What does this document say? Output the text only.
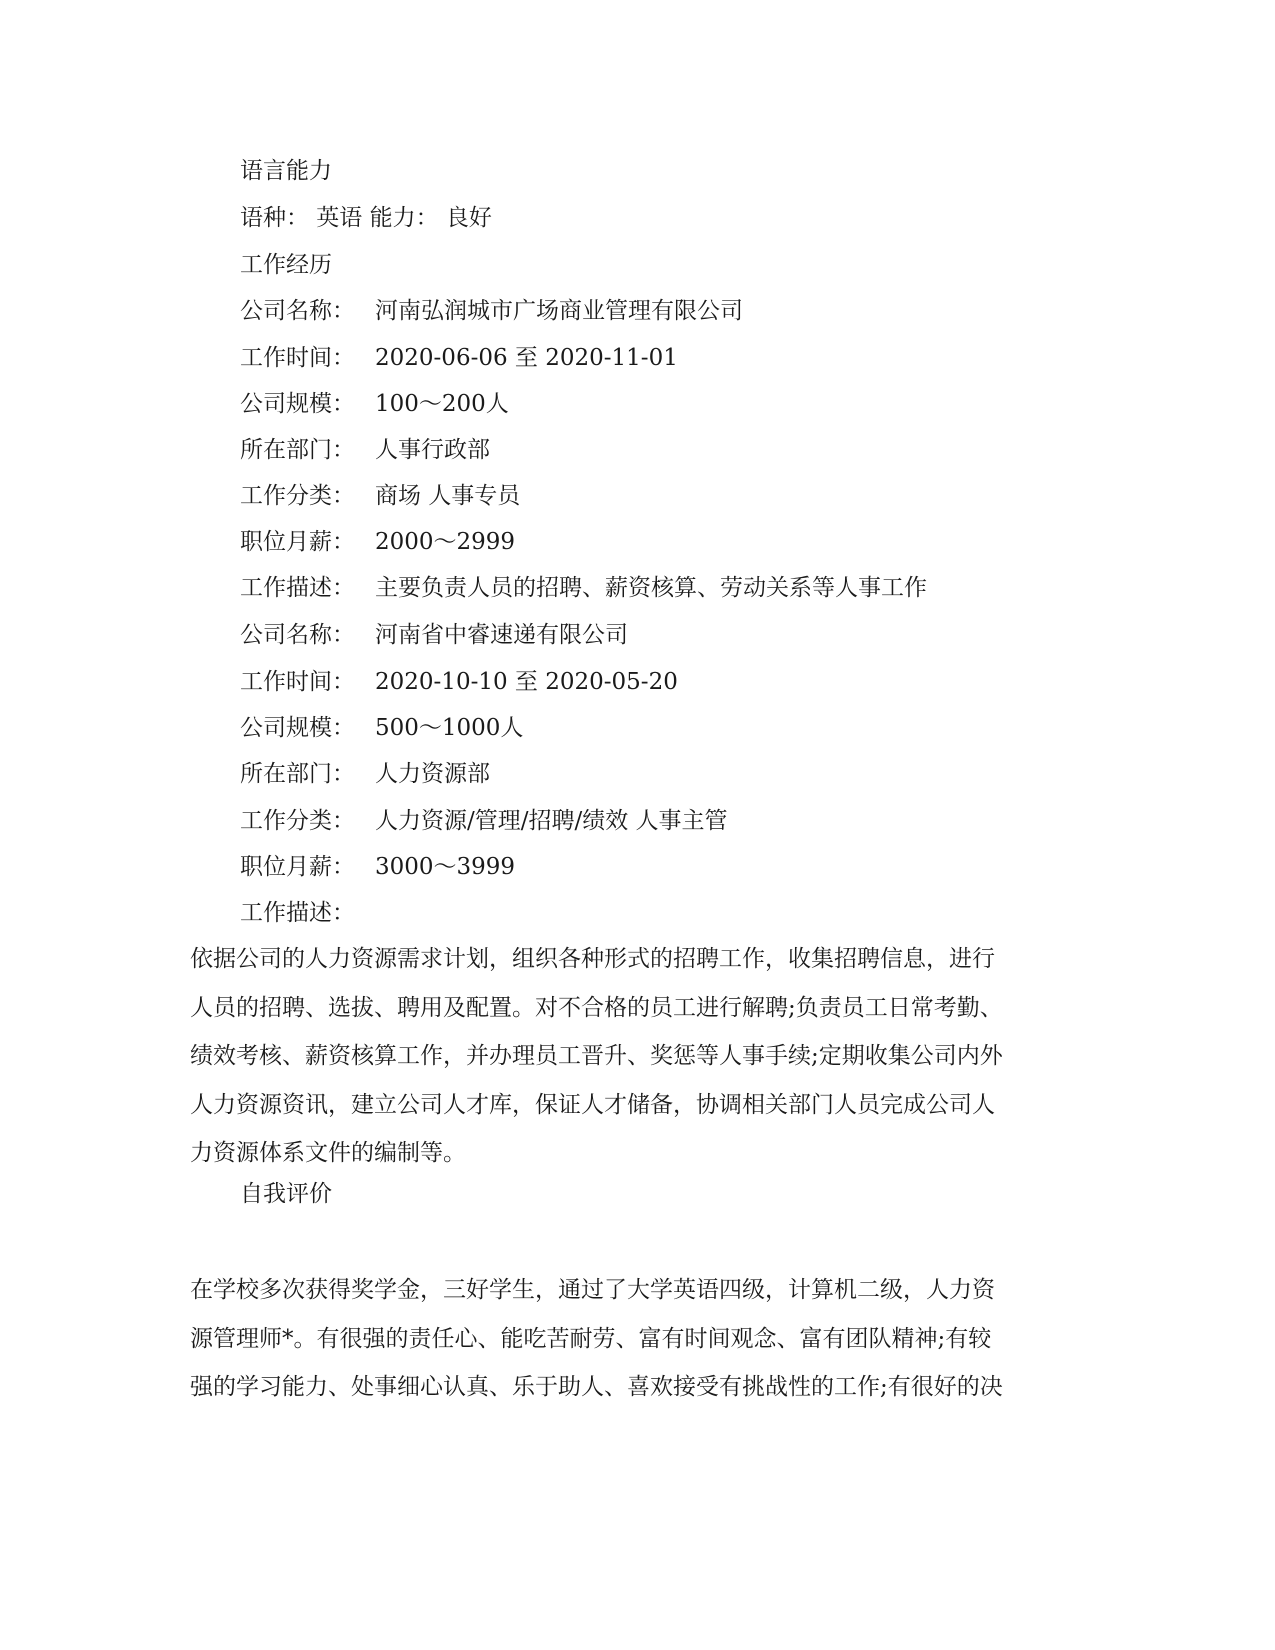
语言能力
语种： 英语 能力： 良好
工作经历
公司名称： 河南弘润城市广场商业管理有限公司
工作时间： 2020-06-06 至 2020-11-01
公司规模： 100～200人
所在部门： 人事行政部
工作分类： 商场 人事专员
职位月薪： 2000～2999
工作描述： 主要负责人员的招聘、薪资核算、劳动关系等人事工作
公司名称： 河南省中睿速递有限公司
工作时间： 2020-10-10 至 2020-05-20
公司规模： 500～1000人
所在部门： 人力资源部
工作分类： 人力资源/管理/招聘/绩效 人事主管
职位月薪： 3000～3999
工作描述：
依据公司的人力资源需求计划，组织各种形式的招聘工作，收集招聘信息，进行
人员的招聘、选拔、聘用及配置。对不合格的员工进行解聘;负责员工日常考勤、
绩效考核、薪资核算工作，并办理员工晋升、奖惩等人事手续;定期收集公司内外
人力资源资讯，建立公司人才库，保证人才储备，协调相关部门人员完成公司人
力资源体系文件的编制等。
自我评价
在学校多次获得奖学金，三好学生，通过了大学英语四级，计算机二级，人力资
源管理师*。有很强的责任心、能吃苦耐劳、富有时间观念、富有团队精神;有较
强的学习能力、处事细心认真、乐于助人、喜欢接受有挑战性的工作;有很好的决
